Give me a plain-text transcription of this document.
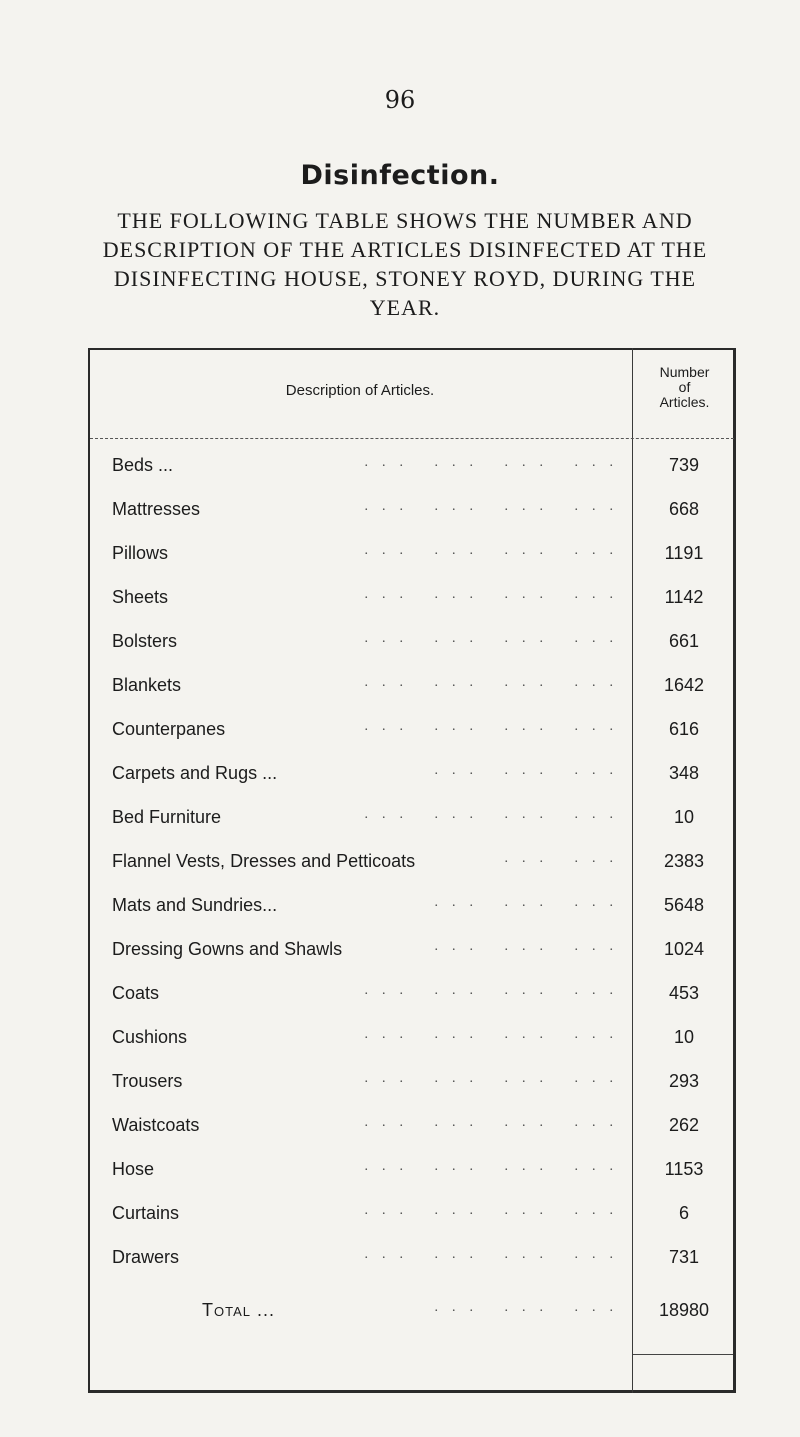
96
Disinfection.
THE FOLLOWING TABLE SHOWS THE NUMBER AND DESCRIPTION OF THE ARTICLES DISINFECTED AT THE DISINFECTING HOUSE, STONEY ROYD, DURING THE YEAR.
Description of Articles.
Number
of
Articles.
Beds ...	... ... ... ...	739
Mattresses	... ... ... ...	668
Pillows	... ... ... ...	1191
Sheets	... ... ... ...	1142
Bolsters	... ... ... ...	661
Blankets	... ... ... ...	1642
Counterpanes	... ... ... ...	616
Carpets and Rugs ...	... ... ...	348
Bed Furniture	... ... ... ...	10
Flannel Vests, Dresses and Petticoats	... ...	2383
Mats and Sundries...	... ... ...	5648
Dressing Gowns and Shawls	... ... ...	1024
Coats	... ... ... ...	453
Cushions	... ... ... ...	10
Trousers	... ... ... ...	293
Waistcoats	... ... ... ...	262
Hose	... ... ... ...	1153
Curtains	... ... ... ...	6
Drawers	... ... ... ...	731
Total ...	... ... ...	18980
